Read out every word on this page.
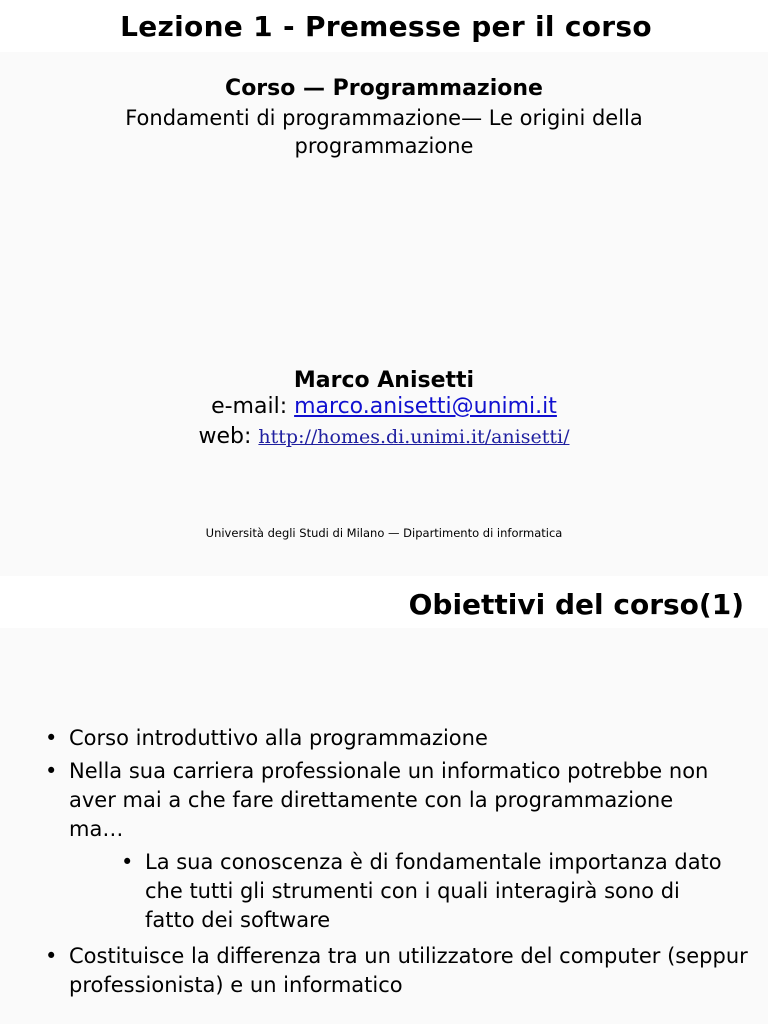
Lezione 1 - Premesse per il corso
Corso — Programmazione
Fondamenti di programmazione— Le origini della programmazione
Marco Anisetti
e-mail: marco.anisetti@unimi.it
web: http://homes.di.unimi.it/anisetti/
Università degli Studi di Milano — Dipartimento di informatica
Obiettivi del corso(1)
• Corso introduttivo alla programmazione
• Nella sua carriera professionale un informatico potrebbe non aver mai a che fare direttamente con la programmazione ma…
• La sua conoscenza è di fondamentale importanza dato che tutti gli strumenti con i quali interagirà sono di fatto dei software
• Costituisce la differenza tra un utilizzatore del computer (seppur professionista) e un informatico
